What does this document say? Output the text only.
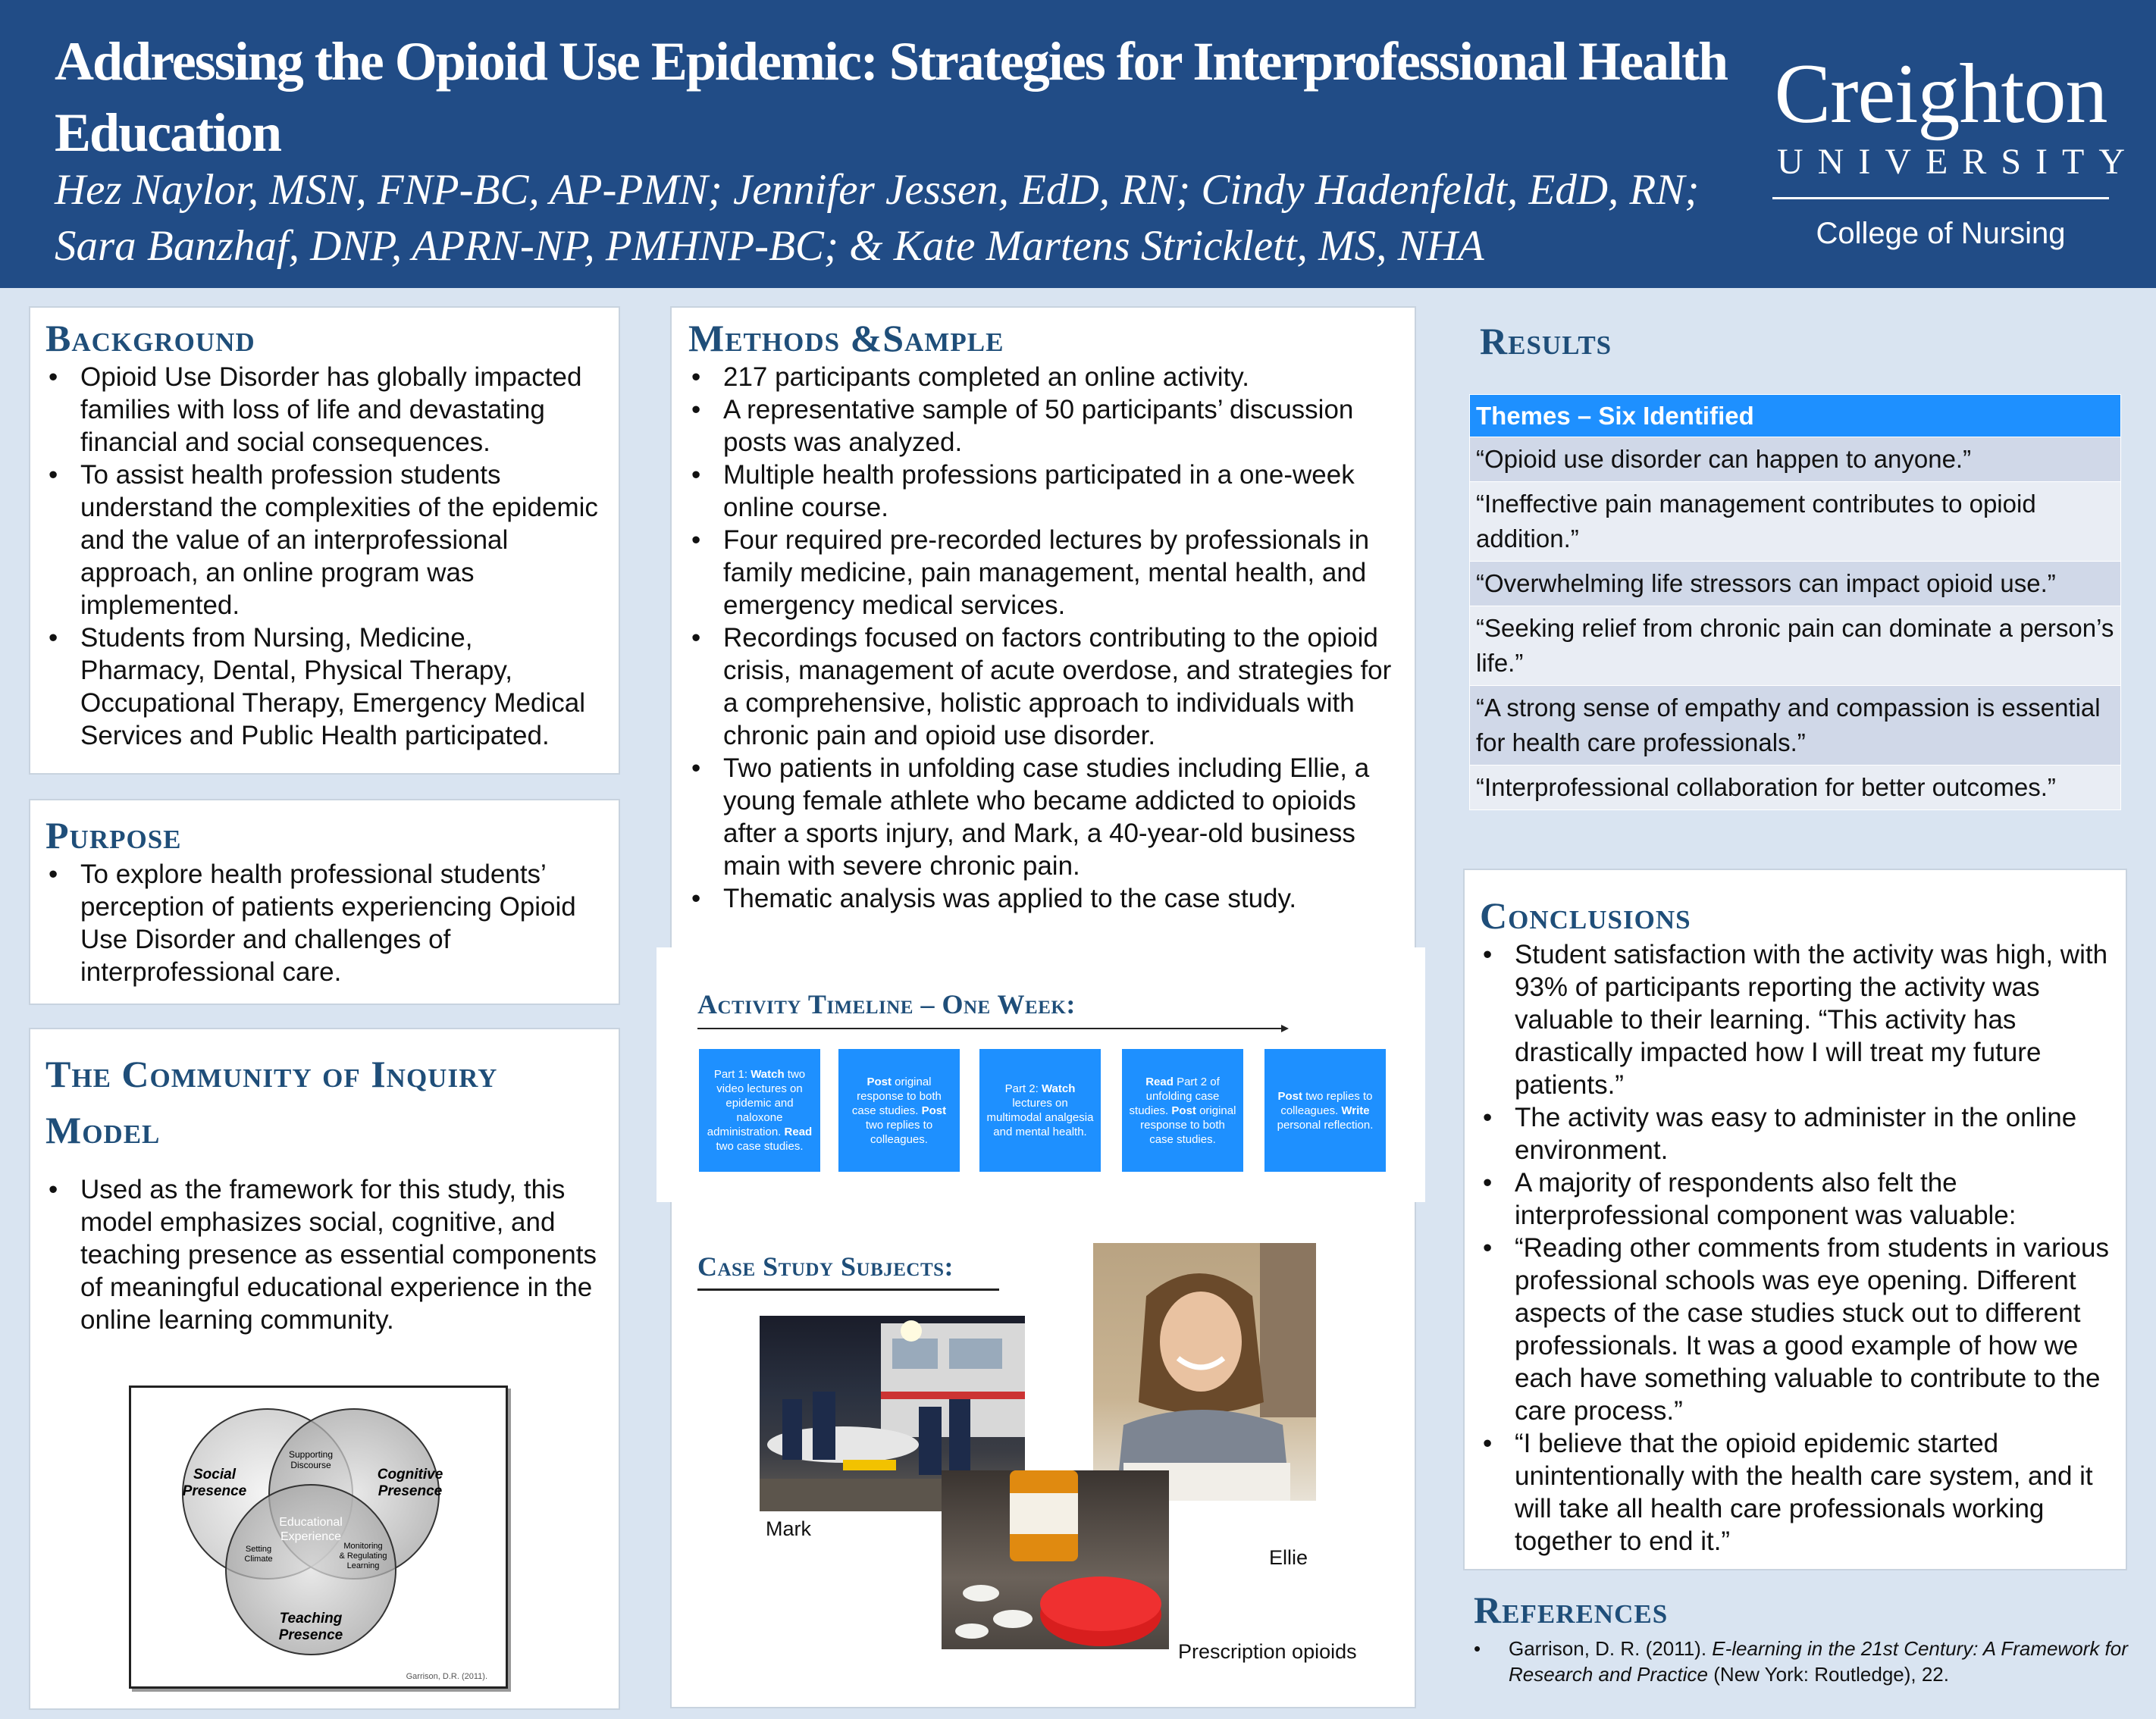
Addressing the Opioid Use Epidemic: Strategies for Interprofessional Health Education
Hez Naylor, MSN, FNP-BC, AP-PMN; Jennifer Jessen, EdD, RN; Cindy Hadenfeldt, EdD, RN;
Sara Banzhaf, DNP, APRN-NP, PMHNP-BC; & Kate Martens Stricklett, MS, NHA
Creighton
UNIVERSITY
College of Nursing
Background
• Opioid Use Disorder has globally impacted families with loss of life and devastating financial and social consequences.
• To assist health profession students understand the complexities of the epidemic and the value of an interprofessional approach, an online program was implemented.
• Students from Nursing, Medicine, Pharmacy, Dental, Physical Therapy, Occupational Therapy, Emergency Medical Services and Public Health participated.
Purpose
• To explore health professional students’ perception of patients experiencing Opioid Use Disorder and challenges of interprofessional care.
The Community of Inquiry
Model
• Used as the framework for this study, this model emphasizes social, cognitive, and teaching presence as essential components of meaningful educational experience in the online learning community.
Social Presence
Cognitive Presence
Teaching Presence
Supporting Discourse
Educational Experience
Setting Climate
Monitoring & Regulating Learning
Garrison, D.R. (2011).
Methods &Sample
• 217 participants completed an online activity.
• A representative sample of 50 participants’ discussion posts was analyzed.
• Multiple health professions participated in a one-week online course.
• Four required pre-recorded lectures by professionals in family medicine, pain management, mental health, and emergency medical services.
• Recordings focused on factors contributing to the opioid crisis, management of acute overdose, and strategies for a comprehensive, holistic approach to individuals with chronic pain and opioid use disorder.
• Two patients in unfolding case studies including Ellie, a young female athlete who became addicted to opioids after a sports injury, and Mark, a 40-year-old business main with severe chronic pain.
• Thematic analysis was applied to the case study.
Activity Timeline – One Week:
Part 1: Watch two video lectures on epidemic and naloxone administration. Read two case studies.
Post original response to both case studies. Post two replies to colleagues.
Part 2: Watch lectures on multimodal analgesia and mental health.
Read Part 2 of unfolding case studies. Post original response to both case studies.
Post two replies to colleagues. Write personal reflection.
Case Study Subjects:
Mark
Ellie
Prescription opioids
Results
Themes – Six Identified
“Opioid use disorder can happen to anyone.”
“Ineffective pain management contributes to opioid addition.”
“Overwhelming life stressors can impact opioid use.”
“Seeking relief from chronic pain can dominate a person’s life.”
“A strong sense of empathy and compassion is essential for health care professionals.”
“Interprofessional collaboration for better outcomes.”
Conclusions
• Student satisfaction with the activity was high, with 93% of participants reporting the activity was valuable to their learning. “This activity has drastically impacted how I will treat my future patients.”
• The activity was easy to administer in the online environment.
• A majority of respondents also felt the interprofessional component was valuable:
• “Reading other comments from students in various professional schools was eye opening. Different aspects of the case studies stuck out to different professionals. It was a good example of how we each have something valuable to contribute to the care process.”
• “I believe that the opioid epidemic started unintentionally with the health care system, and it will take all health care professionals working together to end it.”
References
• Garrison, D. R. (2011). E-learning in the 21st Century: A Framework for Research and Practice (New York: Routledge), 22.
